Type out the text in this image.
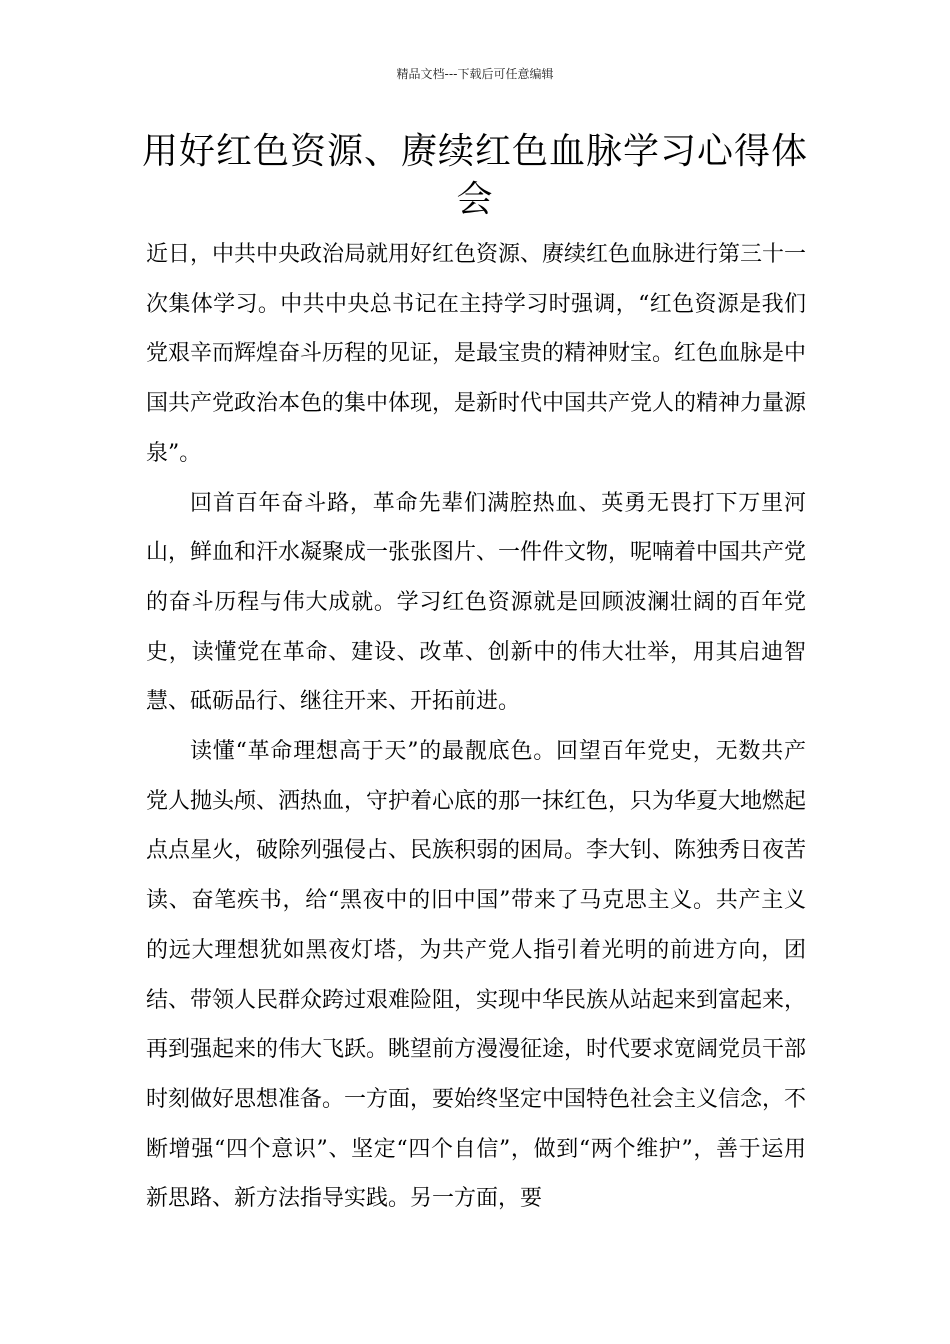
精品文档---下载后可任意编辑
用好红色资源、赓续红色血脉学习心得体会

近日，中共中央政治局就用好红色资源、赓续红色血脉进行第三十一次集体学习。中共中央总书记在主持学习时强调，“红色资源是我们党艰辛而辉煌奋斗历程的见证，是最宝贵的精神财宝。红色血脉是中国共产党政治本色的集中体现，是新时代中国共产党人的精神力量源泉”。

回首百年奋斗路，革命先辈们满腔热血、英勇无畏打下万里河山，鲜血和汗水凝聚成一张张图片、一件件文物，呢喃着中国共产党的奋斗历程与伟大成就。学习红色资源就是回顾波澜壮阔的百年党史，读懂党在革命、建设、改革、创新中的伟大壮举，用其启迪智慧、砥砺品行、继往开来、开拓前进。

读懂“革命理想高于天”的最靓底色。回望百年党史，无数共产党人抛头颅、洒热血，守护着心底的那一抹红色，只为华夏大地燃起点点星火，破除列强侵占、民族积弱的困局。李大钊、陈独秀日夜苦读、奋笔疾书，给“黑夜中的旧中国”带来了马克思主义。共产主义的远大理想犹如黑夜灯塔，为共产党人指引着光明的前进方向，团结、带领人民群众跨过艰难险阻，实现中华民族从站起来到富起来，再到强起来的伟大飞跃。眺望前方漫漫征途，时代要求宽阔党员干部时刻做好思想准备。一方面，要始终坚定中国特色社会主义信念，不断增强“四个意识”、坚定“四个自信”，做到“两个维护”，善于运用新思路、新方法指导实践。另一方面，要
